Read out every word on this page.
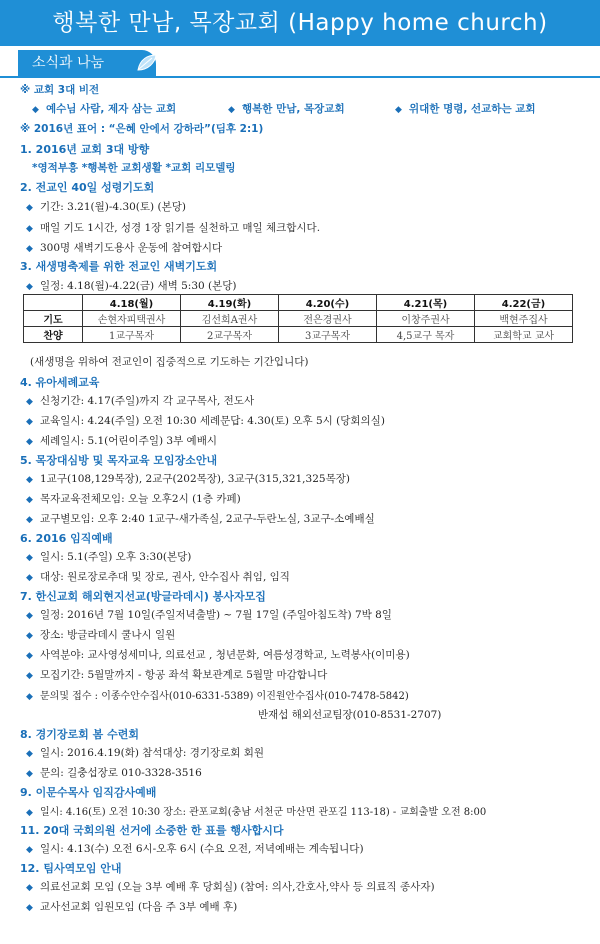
행복한 만남, 목장교회 (Happy home church)
소식과 나눔
※ 교회 3대 비전
◆ 예수님 사람, 제자 삼는 교회	◆ 행복한 만남, 목장교회	◆ 위대한 명령, 선교하는 교회
※ 2016년 표어 : “은혜 안에서 강하라”(딤후 2:1)
1. 2016년 교회 3대 방향
*영적부흥 *행복한 교회생활 *교회 리모델링
2. 전교인 40일 성령기도회
◆ 기간: 3.21(월)-4.30(토) (본당)
◆ 매일 기도 1시간, 성경 1장 읽기를 실천하고 매일 체크합시다.
◆ 300명 새벽기도용사 운동에 참여합시다
3. 새생명축제를 위한 전교인 새벽기도회
◆ 일정: 4.18(월)-4.22(금) 새벽 5:30 (본당)
	4.18(월)	4.19(화)	4.20(수)	4.21(목)	4.22(금)
기도	손현자피택권사	김선희A권사	전은경권사	이창주권사	백현주집사
찬양	1교구목자	2교구목자	3교구목자	4,5교구 목자	교회학교 교사
(새생명을 위하여 전교인이 집중적으로 기도하는 기간입니다)
4. 유아세례교육
◆ 신청기간: 4.17(주일)까지 각 교구목사, 전도사
◆ 교육일시: 4.24(주일) 오전 10:30 세례문답: 4.30(토) 오후 5시 (당회의실)
◆ 세례일시: 5.1(어린이주일) 3부 예배시
5. 목장대심방 및 목자교육 모임장소안내
◆ 1교구(108,129목장), 2교구(202목장), 3교구(315,321,325목장)
◆ 목자교육전체모임: 오늘 오후2시 (1층 카페)
◆ 교구별모임: 오후 2:40 1교구-새가족실, 2교구-두란노실, 3교구-소예배실
6. 2016 임직예배
◆ 일시: 5.1(주일) 오후 3:30(본당)
◆ 대상: 원로장로추대 및 장로, 권사, 안수집사 취임, 임직
7. 한신교회 해외현지선교(방글라데시) 봉사자모집
◆ 일정: 2016년 7월 10일(주일저녁출발) ~ 7월 17일 (주일아침도착) 7박 8일
◆ 장소: 방글라데시 쿨나시 일원
◆ 사역분야: 교사영성세미나, 의료선교 , 청년문화, 여름성경학교, 노력봉사(이미용)
◆ 모집기간: 5월말까지 - 항공 좌석 확보관계로 5월말 마감합니다
◆ 문의및 접수 : 이종수안수집사(010-6331-5389) 이진원안수집사(010-7478-5842)
반재섭 해외선교팀장(010-8531-2707)
8. 경기장로회 봄 수련회
◆ 일시: 2016.4.19(화) 참석대상: 경기장로회 회원
◆ 문의: 길충섭장로 010-3328-3516
9. 이문수목사 임직감사예배
◆ 일시: 4.16(토) 오전 10:30 장소: 관포교회(충남 서천군 마산면 관포길 113-18) - 교회출발 오전 8:00
11. 20대 국회의원 선거에 소중한 한 표를 행사합시다
◆ 일시: 4.13(수) 오전 6시-오후 6시 (수요 오전, 저녁예배는 계속됩니다)
12. 팀사역모임 안내
◆ 의료선교회 모임 (오늘 3부 예배 후 당회실) (참여: 의사,간호사,약사 등 의료직 종사자)
◆ 교사선교회 임원모임 (다음 주 3부 예배 후)
